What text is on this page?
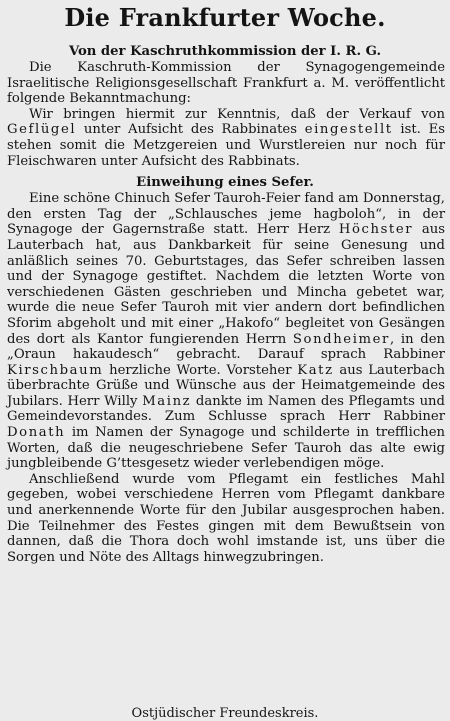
Die Frankfurter Woche.
Von der Kaschruthkommission der I. R. G.

Die Kaschruth-Kommission der Synagogengemeinde Israelitische Religionsgesellschaft Frankfurt a. M. veröffentlicht folgende Bekanntmachung:

Wir bringen hiermit zur Kenntnis, daß der Verkauf von Geflügel unter Aufsicht des Rabbinates eingestellt ist. Es stehen somit die Metzgereien und Wurstlereien nur noch für Fleischwaren unter Aufsicht des Rabbinats.

Einweihung eines Sefer.

Eine schöne Chinuch Sefer Tauroh-Feier fand am Donnerstag, den ersten Tag der „Schlausches jeme hagboloh“, in der Synagoge der Gagernstraße statt. Herr Herz Höchster aus Lauterbach hat, aus Dankbarkeit für seine Genesung und anläßlich seines 70. Geburtstages, das Sefer schreiben lassen und der Synagoge gestiftet. Nachdem die letzten Worte von verschiedenen Gästen geschrieben und Mincha gebetet war, wurde die neue Sefer Tauroh mit vier andern dort befindlichen Sforim abgeholt und mit einer „Hakofo“ begleitet von Gesängen des dort als Kantor fungierenden Herrn Sondheimer, in den „Oraun hakaudesch“ gebracht. Darauf sprach Rabbiner Kirschbaum herzliche Worte. Vorsteher Katz aus Lauterbach überbrachte Grüße und Wünsche aus der Heimatgemeinde des Jubilars. Herr Willy Mainz dankte im Namen des Pflegamts und Gemeindevorstandes. Zum Schlusse sprach Herr Rabbiner Donath im Namen der Synagoge und schilderte in trefflichen Worten, daß die neugeschriebene Sefer Tauroh das alte ewig jungbleibende G’ttesgesetz wieder verlebendigen möge.

Anschließend wurde vom Pflegamt ein festliches Mahl gegeben, wobei verschiedene Herren vom Pflegamt dankbare und anerkennende Worte für den Jubilar ausgesprochen haben. Die Teilnehmer des Festes gingen mit dem Bewußtsein von dannen, daß die Thora doch wohl imstande ist, uns über die Sorgen und Nöte des Alltags hinwegzubringen.

Ostjüdischer Freundeskreis.
